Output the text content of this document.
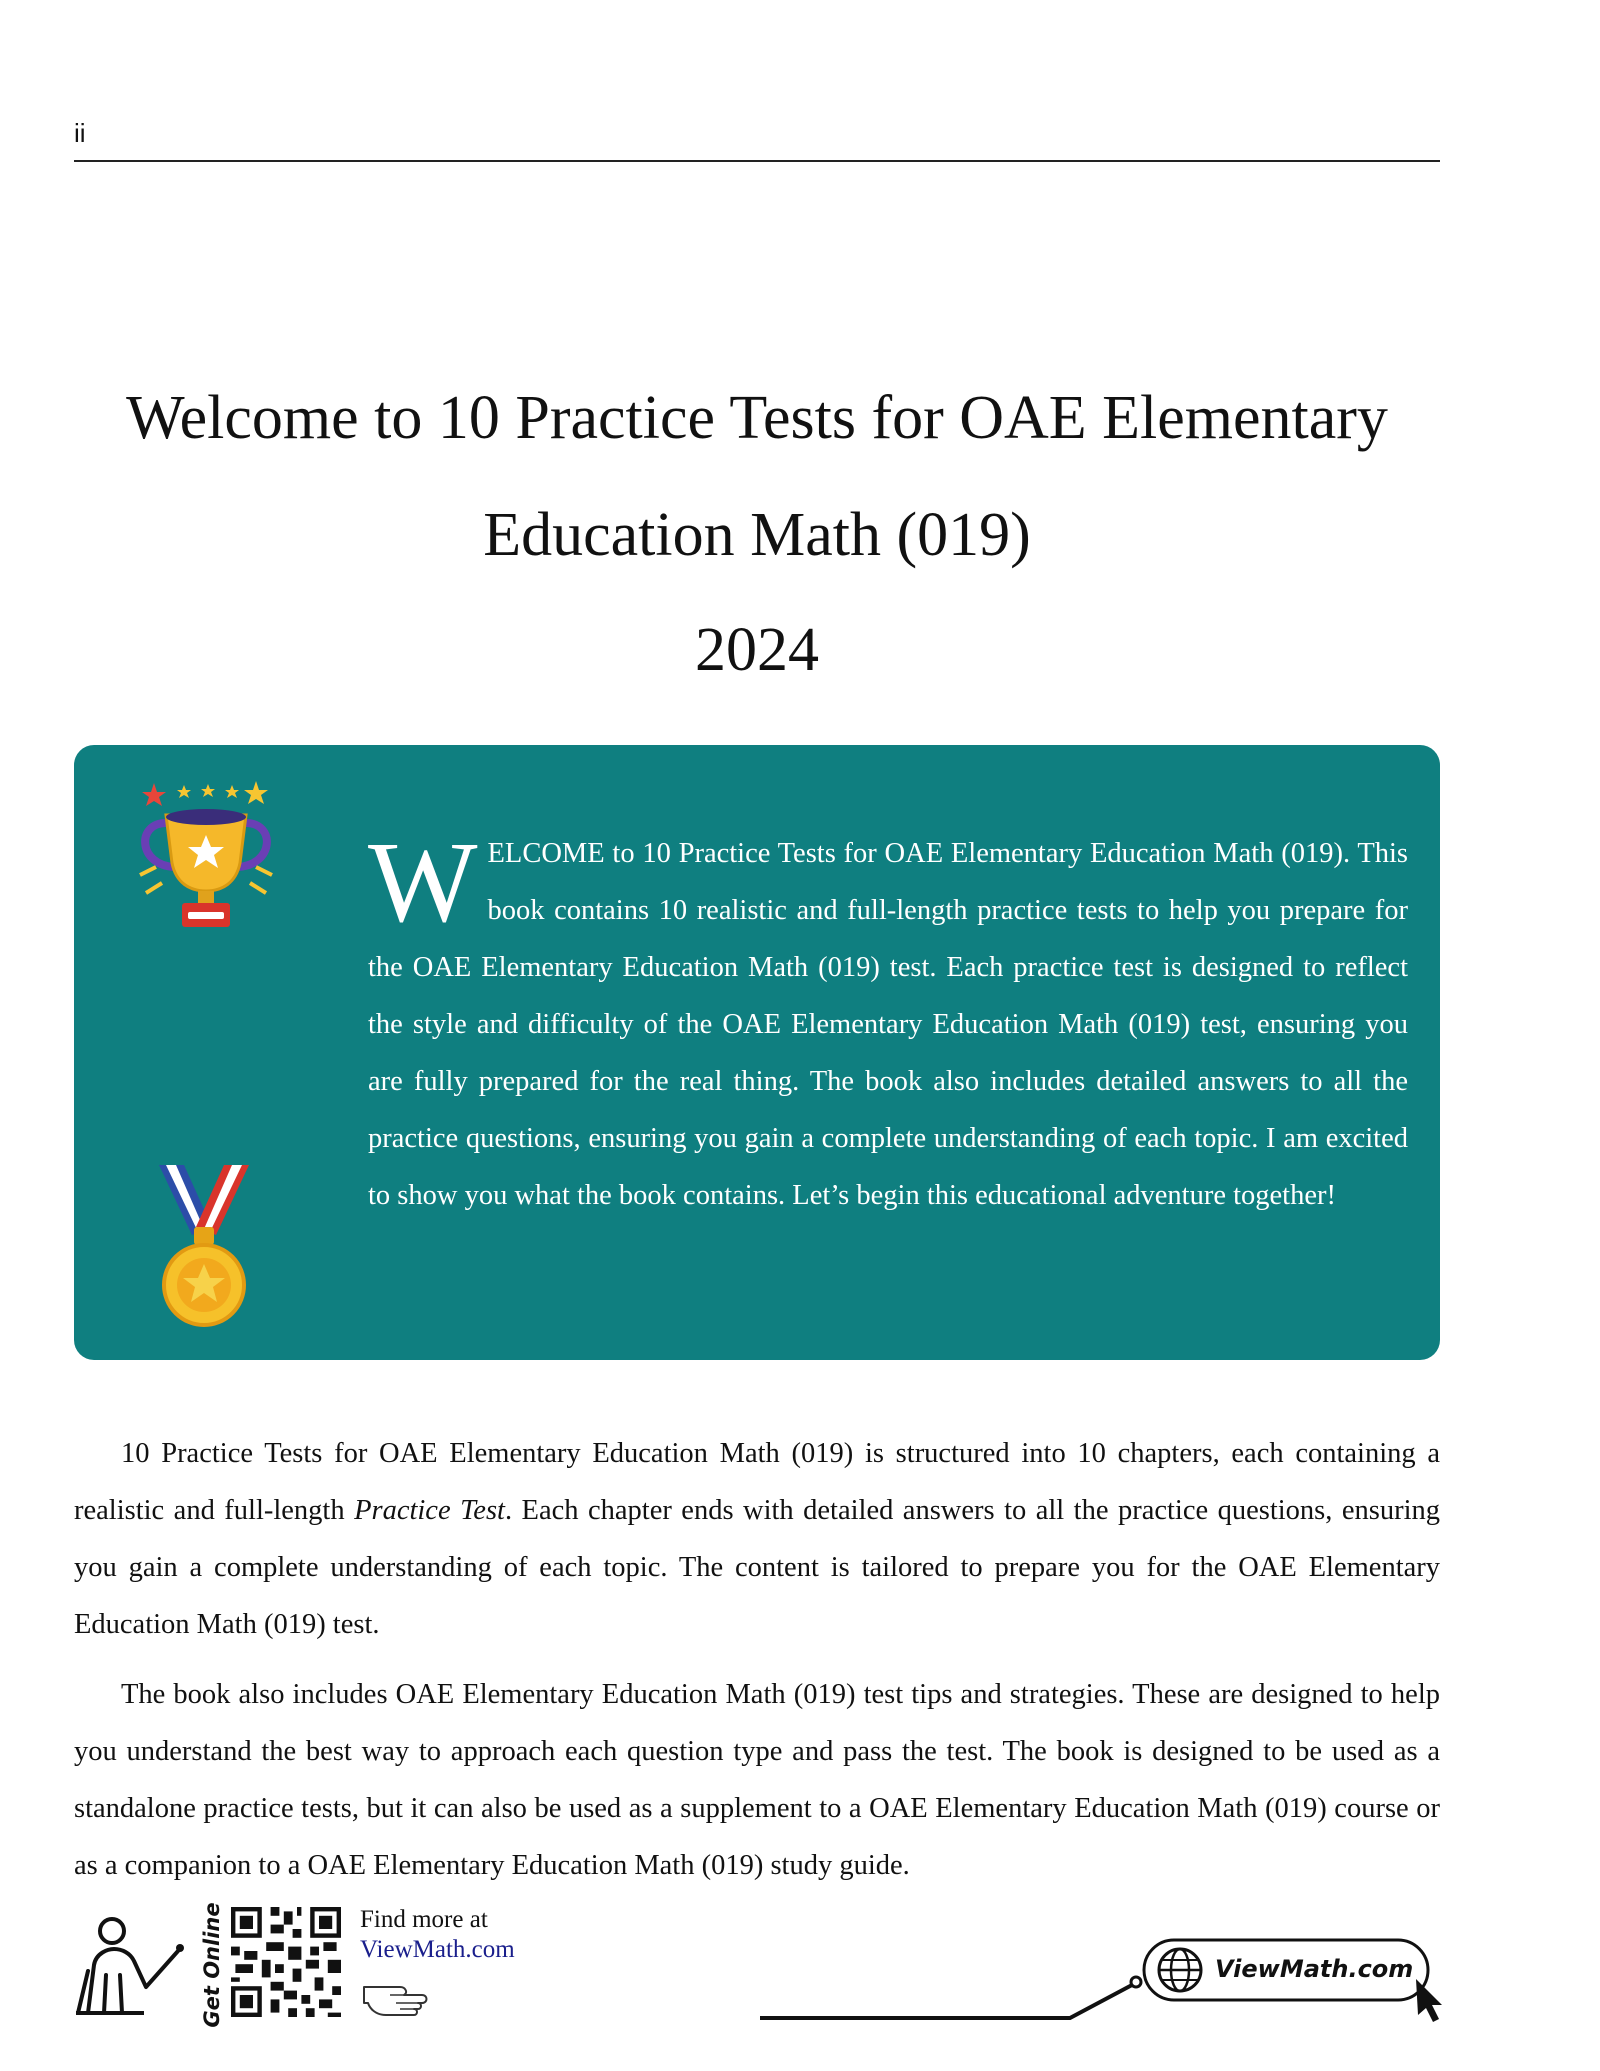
ii
Welcome to 10 Practice Tests for OAE Elementary
Education Math (019)
2024
WELCOME to 10 Practice Tests for OAE Elementary Education Math (019). This book contains 10 realistic and full-length practice tests to help you prepare for the OAE Elementary Education Math (019) test. Each practice test is designed to reflect the style and difficulty of the OAE Elementary Education Math (019) test, ensuring you are fully prepared for the real thing. The book also includes detailed answers to all the practice questions, ensuring you gain a complete understanding of each topic. I am excited to show you what the book contains. Let’s begin this educational adventure together!

10 Practice Tests for OAE Elementary Education Math (019) is structured into 10 chapters, each containing a realistic and full-length Practice Test. Each chapter ends with detailed answers to all the practice questions, ensuring you gain a complete understanding of each topic. The content is tailored to prepare you for the OAE Elementary Education Math (019) test.

The book also includes OAE Elementary Education Math (019) test tips and strategies. These are designed to help you understand the best way to approach each question type and pass the test. The book is designed to be used as a standalone practice tests, but it can also be used as a supplement to a OAE Elementary Education Math (019) course or as a companion to a OAE Elementary Education Math (019) study guide.

Get Online	Find more at
ViewMath.com
ViewMath.com
